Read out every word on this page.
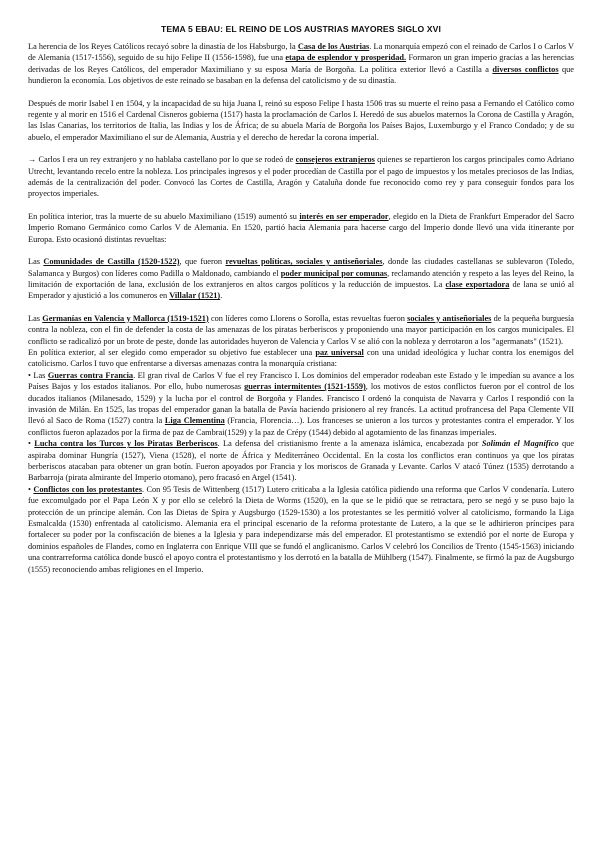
TEMA 5 EBAU: EL REINO DE LOS AUSTRIAS MAYORES SIGLO XVI

La herencia de los Reyes Católicos recayó sobre la dinastía de los Habsburgo, la Casa de los Austrias. La monarquía empezó con el reinado de Carlos I o Carlos V de Alemania (1517-1556), seguido de su hijo Felipe II (1556-1598), fue una etapa de esplendor y prosperidad. Formaron un gran imperio gracias a las herencias derivadas de los Reyes Católicos, del emperador Maximiliano y su esposa María de Borgoña. La política exterior llevó a Castilla a diversos conflictos que hundieron la economía. Los objetivos de este reinado se basaban en la defensa del catolicismo y de su dinastía.

Después de morir Isabel I en 1504, y la incapacidad de su hija Juana I, reinó su esposo Felipe I hasta 1506 tras su muerte el reino pasa a Fernando el Católico como regente y al morir en 1516 el Cardenal Cisneros gobierna (1517) hasta la proclamación de Carlos I. Heredó de sus abuelos maternos la Corona de Castilla y Aragón, las Islas Canarias, los territorios de Italia, las Indias y los de África; de su abuela María de Borgoña los Países Bajos, Luxemburgo y el Franco Condado; y de su abuelo, el emperador Maximiliano el sur de Alemania, Austria y el derecho de heredar la corona imperial.

→ Carlos I era un rey extranjero y no hablaba castellano por lo que se rodeó de consejeros extranjeros quienes se repartieron los cargos principales como Adriano Utrecht, levantando recelo entre la nobleza. Los principales ingresos y el poder procedían de Castilla por el pago de impuestos y los metales preciosos de las Indias, además de la centralización del poder. Convocó las Cortes de Castilla, Aragón y Cataluña donde fue reconocido como rey y para conseguir fondos para los proyectos imperiales.

En política interior, tras la muerte de su abuelo Maximiliano (1519) aumentó su interés en ser emperador, elegido en la Dieta de Frankfurt Emperador del Sacro Imperio Romano Germánico como Carlos V de Alemania. En 1520, partió hacia Alemania para hacerse cargo del Imperio donde llevó una vida itinerante por Europa. Esto ocasionó distintas revueltas:

Las Comunidades de Castilla (1520-1522), que fueron revueltas políticas, sociales y antiseñoriales, donde las ciudades castellanas se sublevaron (Toledo, Salamanca y Burgos) con líderes como Padilla o Maldonado, cambiando el poder municipal por comunas, reclamando atención y respeto a las leyes del Reino, la limitación de exportación de lana, exclusión de los extranjeros en altos cargos políticos y la reducción de impuestos. La clase exportadora de lana se unió al Emperador y ajustició a los comuneros en Villalar (1521).

Las Germanías en Valencia y Mallorca (1519-1521) con líderes como Llorens o Sorolla, estas revueltas fueron sociales y antiseñoriales de la pequeña burguesía contra la nobleza, con el fin de defender la costa de las amenazas de los piratas berberiscos y proponiendo una mayor participación en los cargos municipales. El conflicto se radicalizó por un brote de peste, donde las autoridades huyeron de Valencia y Carlos V se alió con la nobleza y derrotaron a los "agermanats" (1521).

En política exterior, al ser elegido como emperador su objetivo fue establecer una paz universal con una unidad ideológica y luchar contra los enemigos del catolicismo. Carlos I tuvo que enfrentarse a diversas amenazas contra la monarquía cristiana:

• Las Guerras contra Francia. El gran rival de Carlos V fue el rey Francisco I. Los dominios del emperador rodeaban este Estado y le impedían su avance a los Países Bajos y los estados italianos. Por ello, hubo numerosas guerras intermitentes (1521-1559), los motivos de estos conflictos fueron por el control de los ducados italianos (Milanesado, 1529) y la lucha por el control de Borgoña y Flandes. Francisco I ordenó la conquista de Navarra y Carlos I respondió con la invasión de Milán. En 1525, las tropas del emperador ganan la batalla de Pavía haciendo prisionero al rey francés. La actitud profrancesa del Papa Clemente VII llevó al Saco de Roma (1527) contra la Liga Clementina (Francia, Florencia…). Los franceses se unieron a los turcos y protestantes contra el emperador. Y los conflictos fueron aplazados por la firma de paz de Cambrai(1529) y la paz de Crépy (1544) debido al agotamiento de las finanzas imperiales.

• Lucha contra los Turcos y los Piratas Berberiscos. La defensa del cristianismo frente a la amenaza islámica, encabezada por Solimán el Magnífico que aspiraba dominar Hungría (1527), Viena (1528), el norte de África y Mediterráneo Occidental. En la costa los conflictos eran continuos ya que los piratas berberiscos atacaban para obtener un gran botín. Fueron apoyados por Francia y los moriscos de Granada y Levante. Carlos V atacó Túnez (1535) derrotando a Barbarroja (pirata almirante del Imperio otomano), pero fracasó en Argel (1541).

• Conflictos con los protestantes. Con 95 Tesis de Wittenberg (1517) Lutero criticaba a la Iglesia católica pidiendo una reforma que Carlos V condenaría. Lutero fue excomulgado por el Papa León X y por ello se celebró la Dieta de Worms (1520), en la que se le pidió que se retractara, pero se negó y se puso bajo la protección de un príncipe alemán. Con las Dietas de Spira y Augsburgo (1529-1530) a los protestantes se les permitió volver al catolicismo, formando la Liga Esmalcalda (1530) enfrentada al catolicismo. Alemania era el principal escenario de la reforma protestante de Lutero, a la que se le adhirieron príncipes para fortalecer su poder por la confiscación de bienes a la Iglesia y para independizarse más del emperador. El protestantismo se extendió por el norte de Europa y dominios españoles de Flandes, como en Inglaterra con Enrique VIII que se fundó el anglicanismo. Carlos V celebró los Concilios de Trento (1545-1563) iniciando una contrarreforma católica donde buscó el apoyo contra el protestantismo y los derrotó en la batalla de Mühlberg (1547). Finalmente, se firmó la paz de Augsburgo (1555) reconociendo ambas religiones en el Imperio.
